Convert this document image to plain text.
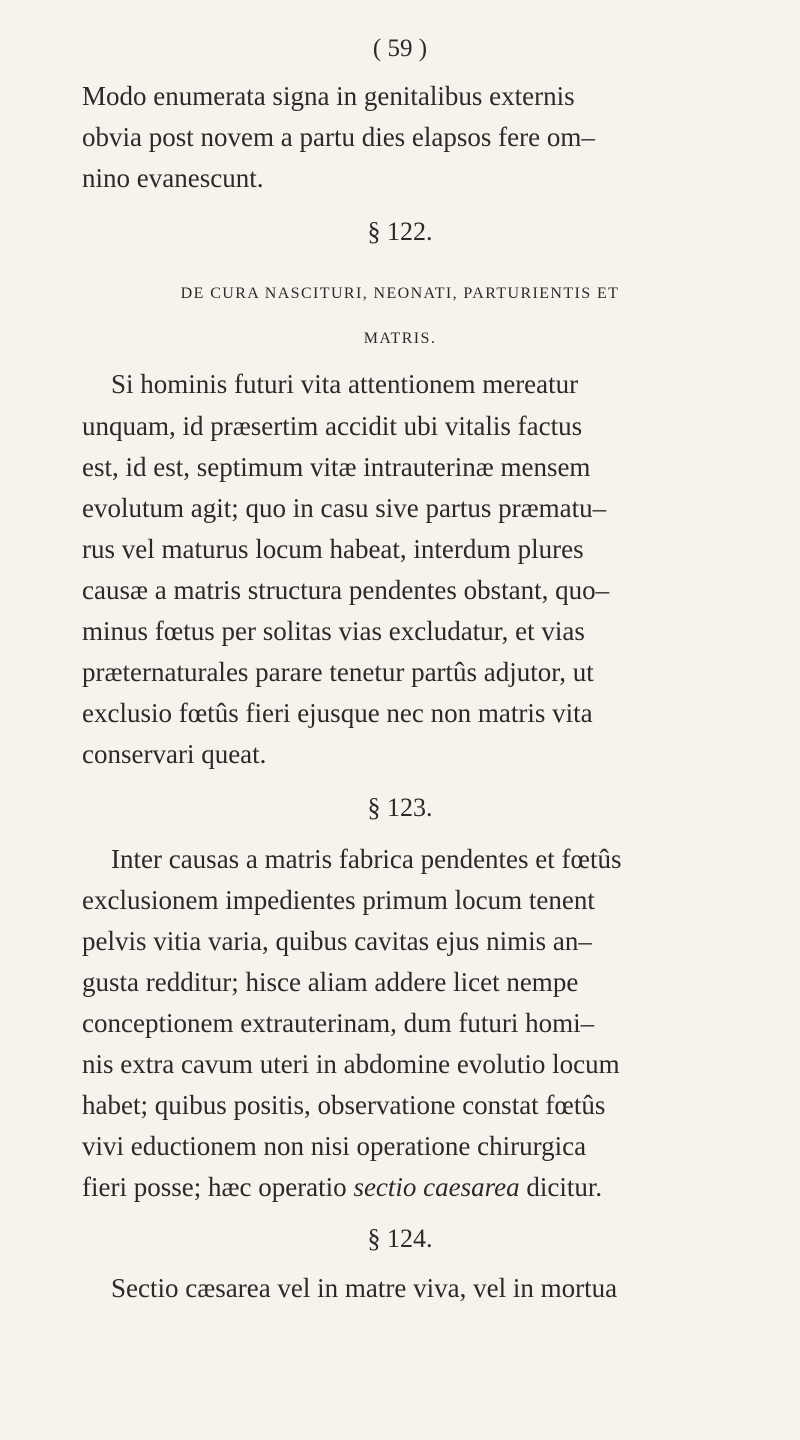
( 59 )
Modo enumerata signa in genitalibus externis
obvia post novem a partu dies elapsos fere om–
nino evanescunt.
§ 122.
DE CURA NASCITURI, NEONATI, PARTURIENTIS ET
MATRIS.
Si hominis futuri vita attentionem mereatur
unquam, id præsertim accidit ubi vitalis factus
est, id est, septimum vitæ intrauterinæ mensem
evolutum agit; quo in casu sive partus præmatu–
rus vel maturus locum habeat, interdum plures
causæ a matris structura pendentes obstant, quo–
minus fœtus per solitas vias excludatur, et vias
præternaturales parare tenetur partûs adjutor, ut
exclusio fœtûs fieri ejusque nec non matris vita
conservari queat.
§ 123.
Inter causas a matris fabrica pendentes et fœtûs
exclusionem impedientes primum locum tenent
pelvis vitia varia, quibus cavitas ejus nimis an–
gusta redditur; hisce aliam addere licet nempe
conceptionem extrauterinam, dum futuri homi–
nis extra cavum uteri in abdomine evolutio locum
habet; quibus positis, observatione constat fœtûs
vivi eductionem non nisi operatione chirurgica
fieri posse; hæc operatio sectio caesarea dicitur.
§ 124.
Sectio cæsarea vel in matre viva, vel in mortua
